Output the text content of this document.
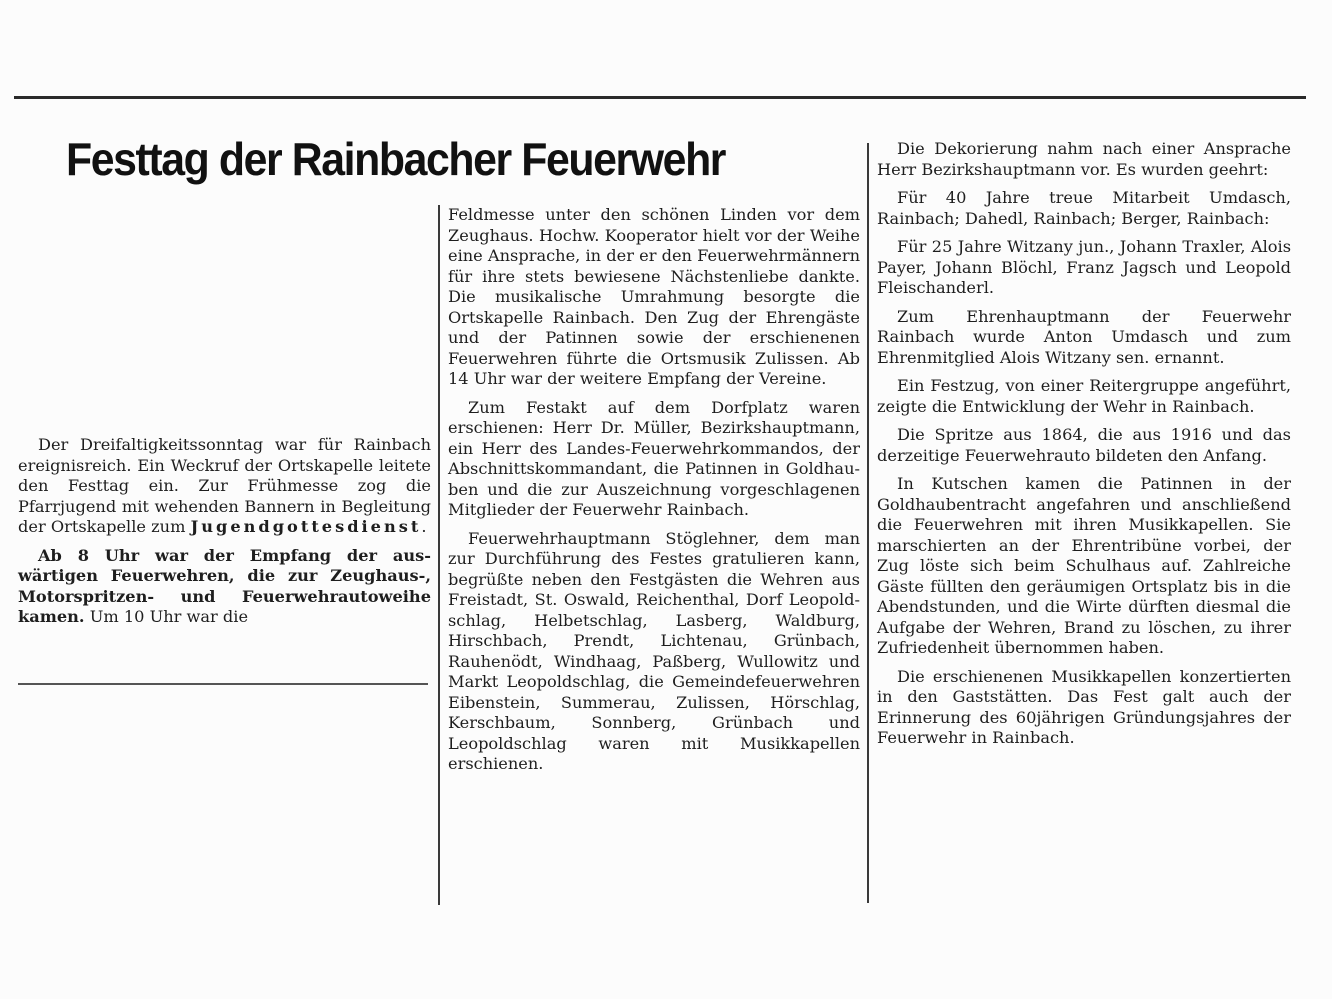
Festtag der Rainbacher Feuerwehr

Der Dreifaltigkeitssonntag war für Rainbach ereignisreich. Ein Weckruf der Ortskapelle leitete den Festtag ein. Zur Frühmesse zog die Pfarrjugend mit wehenden Bannern in Begleitung der Ortskapelle zum Jugendgottesdienst.

Ab 8 Uhr war der Empfang der auswärtigen Feuerwehren, die zur Zeughaus-, Motorspritzen- und Feuerwehrautoweihe kamen. Um 10 Uhr war die

Feldmesse unter den schönen Linden vor dem Zeughaus. Hochw. Kooperator hielt vor der Weihe eine Ansprache, in der er den Feuerwehrmännern für ihre stets bewiesene Nächstenliebe dankte. Die musikalische Umrahmung besorgte die Ortskapelle Rainbach. Den Zug der Ehrengäste und der Patinnen sowie der erschienenen Feuerwehren führte die Ortsmusik Zulissen. Ab 14 Uhr war der weitere Empfang der Vereine.

Zum Festakt auf dem Dorfplatz waren erschienen: Herr Dr. Müller, Bezirkshauptmann, ein Herr des Landes-Feuerwehrkommandos, der Abschnittskommandant, die Patinnen in Goldhauben und die zur Auszeichnung vorgeschlagenen Mitglieder der Feuerwehr Rainbach.

Feuerwehrhauptmann Stöglehner, dem man zur Durchführung des Festes gratulieren kann, begrüßte neben den Festgästen die Wehren aus Freistadt, St. Oswald, Reichenthal, Dorf Leopoldschlag, Helbetschlag, Lasberg, Waldburg, Hirschbach, Prendt, Lichtenau, Grünbach, Rauhenödt, Windhaag, Paßberg, Wullowitz und Markt Leopoldschlag, die Gemeindefeuerwehren Eibenstein, Summerau, Zulissen, Hörschlag, Kerschbaum, Sonnberg, Grünbach und Leopoldschlag waren mit Musikkapellen erschienen.

Die Dekorierung nahm nach einer Ansprache Herr Bezirkshauptmann vor. Es wurden geehrt:

Für 40 Jahre treue Mitarbeit Umdasch, Rainbach; Dahedl, Rainbach; Berger, Rainbach:

Für 25 Jahre Witzany jun., Johann Traxler, Alois Payer, Johann Blöchl, Franz Jagsch und Leopold Fleischanderl.

Zum Ehrenhauptmann der Feuerwehr Rainbach wurde Anton Umdasch und zum Ehrenmitglied Alois Witzany sen. ernannt.

Ein Festzug, von einer Reitergruppe angeführt, zeigte die Entwicklung der Wehr in Rainbach.

Die Spritze aus 1864, die aus 1916 und das derzeitige Feuerwehrauto bildeten den Anfang.

In Kutschen kamen die Patinnen in der Goldhaubentracht angefahren und anschließend die Feuerwehren mit ihren Musikkapellen. Sie marschierten an der Ehrentribüne vorbei, der Zug löste sich beim Schulhaus auf. Zahlreiche Gäste füllten den geräumigen Ortsplatz bis in die Abendstunden, und die Wirte dürften diesmal die Aufgabe der Wehren, Brand zu löschen, zu ihrer Zufriedenheit übernommen haben.

Die erschienenen Musikkapellen konzertierten in den Gaststätten. Das Fest galt auch der Erinnerung des 60jährigen Gründungsjahres der Feuerwehr in Rainbach.
